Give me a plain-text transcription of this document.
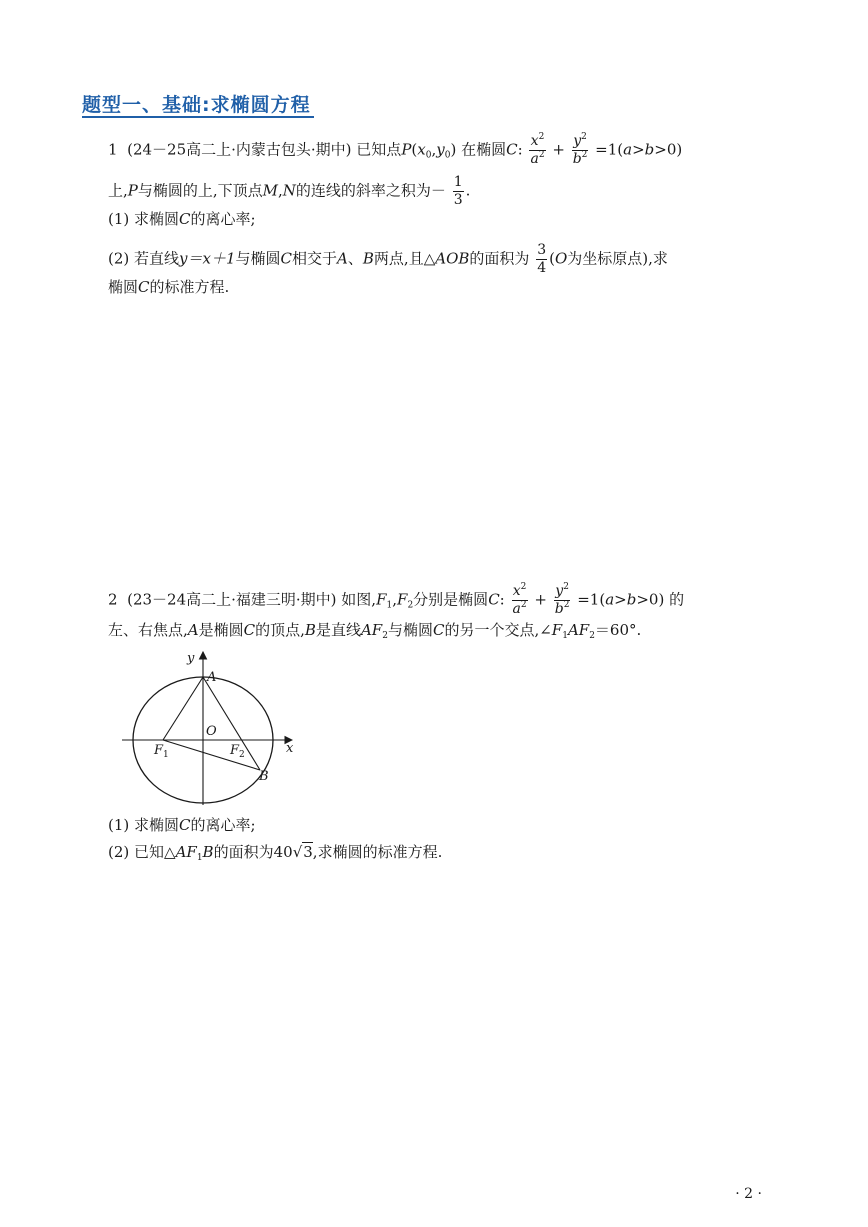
题型一、基础:求椭圆方程
1 (24－25高二上·内蒙古包头·期中) 已知点$P(x_0,y_0)$ 在椭圆C: $\frac{x^2}{a^2} + \frac{y^2}{b^2} =1(a>b>0)$
上,P与椭圆的上,下顶点M,N的连线的斜率之积为－ $\frac{1}{3}$ .
(1) 求椭圆C的离心率;
(2) 若直线y＝x＋1与椭圆C相交于A、B两点,且△AOB的面积为 $\frac{3}{4} (O$为坐标原点),求
椭圆C的标准方程.
2 (23－24高二上·福建三明·期中) 如图$,F_1,F_2$分别是椭圆C: $\frac{x^2}{a^2} + \frac{y^2}{b^2} =1(a>b>0)$ 的
左、右焦点,A是椭圆C的顶点,B是直线$AF_2$与椭圆C的另一个交点$,\angle F_1AF_2=60^\circ$.
y
x
A
O
F 1	F 2
B
(1) 求椭圆C的离心率;
(2) 已知$\triangle AF_1B$的面积为40√3,求椭圆的标准方程.
· 2 ·
